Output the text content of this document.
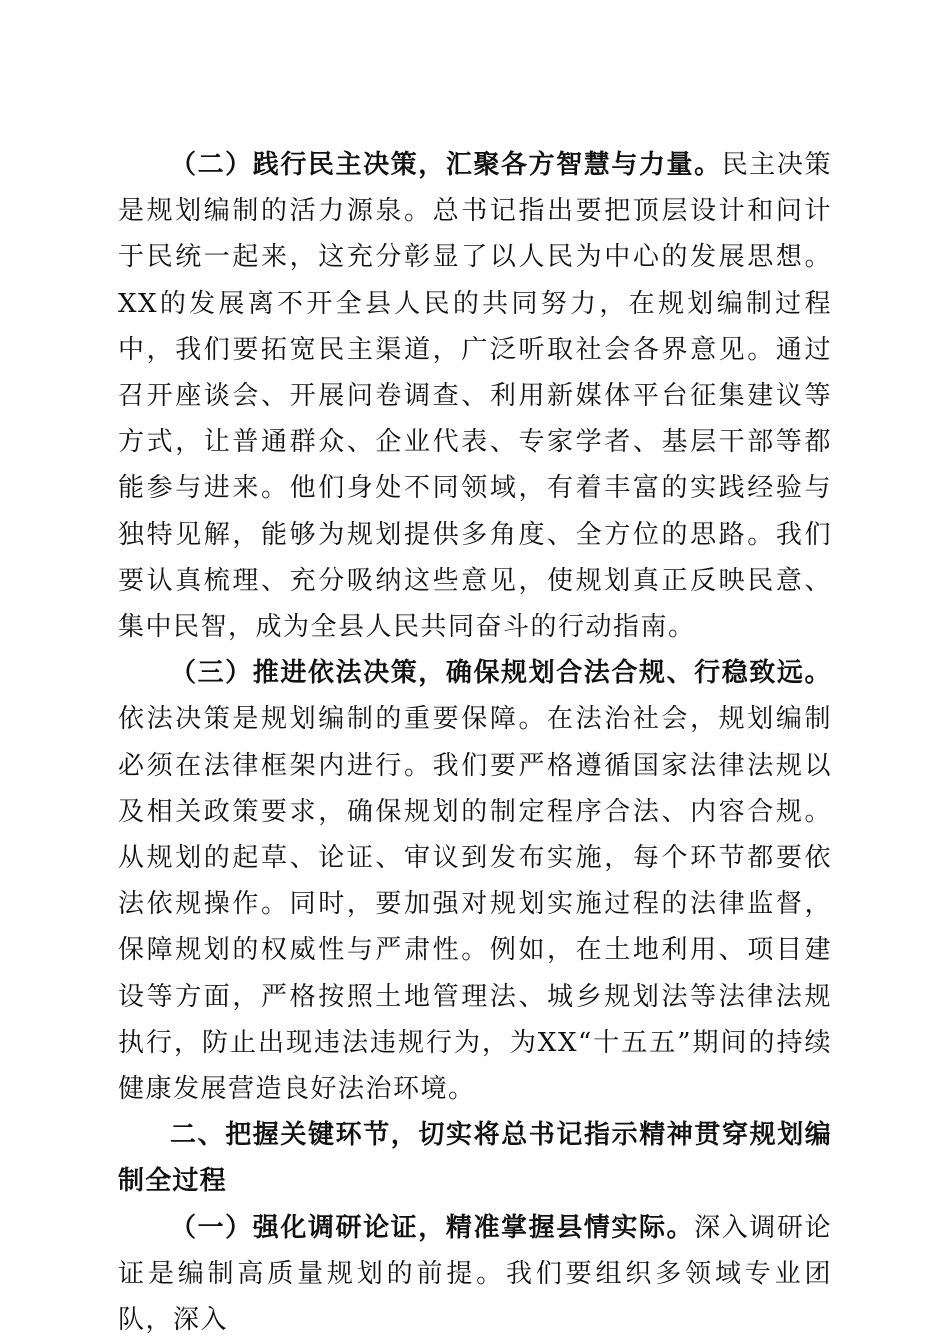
（二）践行民主决策，汇聚各方智慧与力量。民主决策是规划编制的活力源泉。总书记指出要把顶层设计和问计于民统一起来，这充分彰显了以人民为中心的发展思想。XX的发展离不开全县人民的共同努力，在规划编制过程中，我们要拓宽民主渠道，广泛听取社会各界意见。通过召开座谈会、开展问卷调查、利用新媒体平台征集建议等方式，让普通群众、企业代表、专家学者、基层干部等都能参与进来。他们身处不同领域，有着丰富的实践经验与独特见解，能够为规划提供多角度、全方位的思路。我们要认真梳理、充分吸纳这些意见，使规划真正反映民意、集中民智，成为全县人民共同奋斗的行动指南。

（三）推进依法决策，确保规划合法合规、行稳致远。依法决策是规划编制的重要保障。在法治社会，规划编制必须在法律框架内进行。我们要严格遵循国家法律法规以及相关政策要求，确保规划的制定程序合法、内容合规。从规划的起草、论证、审议到发布实施，每个环节都要依法依规操作。同时，要加强对规划实施过程的法律监督，保障规划的权威性与严肃性。例如，在土地利用、项目建设等方面，严格按照土地管理法、城乡规划法等法律法规执行，防止出现违法违规行为，为XX“十五五”期间的持续健康发展营造良好法治环境。

二、把握关键环节，切实将总书记指示精神贯穿规划编制全过程

（一）强化调研论证，精准掌握县情实际。深入调研论证是编制高质量规划的前提。我们要组织多领域专业团队，深入
